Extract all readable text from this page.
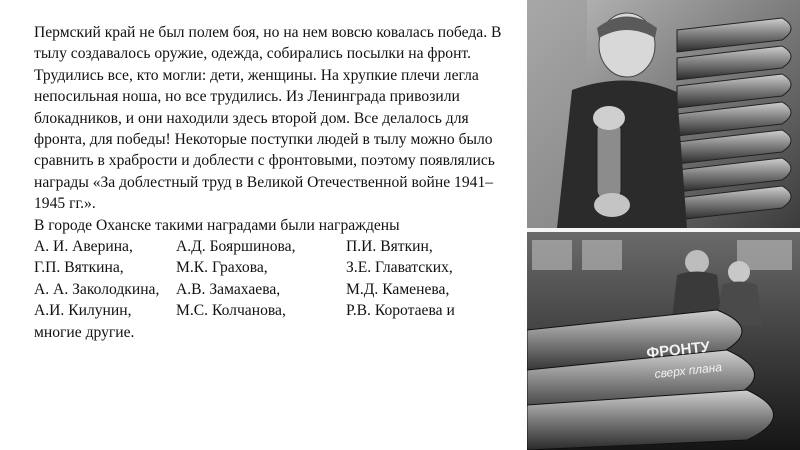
Пермский край не был полем боя, но на нем вовсю ковалась победа. В тылу создавалось оружие, одежда, собирались посылки на фронт. Трудились все, кто могли: дети, женщины. На хрупкие плечи легла непосильная ноша, но все трудились. Из Ленинграда привозили блокадников, и они находили здесь второй дом. Все делалось для фронта, для победы! Некоторые поступки людей в тылу можно было сравнить в храбрости и доблести с фронтовыми, поэтому появлялись награды «За доблестный труд в Великой Отечественной войне 1941–1945 гг.».

В городе Оханске такими наградами были награждены

А. И. Аверина,	А.Д. Бояршинова,	П.И. Вяткин,
Г.П. Вяткина,	М.К. Грахова,	З.Е. Главатских,
А. А. Заколодкина,	А.В. Замахаева,	М.Д. Каменева,
А.И. Килунин,	М.С. Колчанова,	Р.В. Коротаева и

многие другие.

ФРОНТУ
сверх плана
